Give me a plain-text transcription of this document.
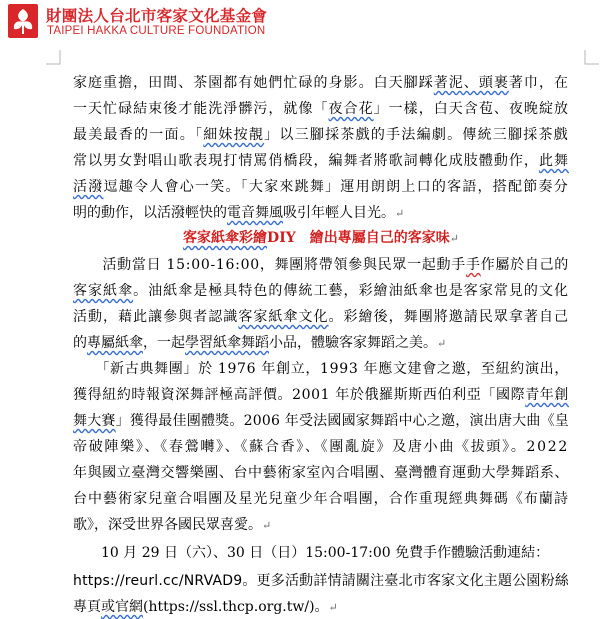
財團法人台北市客家文化基金會
TAIPEI HAKKA CULTURE FOUNDATION
家庭重擔，田間、茶園都有她們忙碌的身影。白天腳踩著泥、頭裹著巾，在
一天忙碌結束後才能洗淨髒污，就像「夜合花」一樣，白天含苞、夜晚綻放
最美最香的一面。「細妹按靚」以三腳採茶戲的手法編劇。傳統三腳採茶戲
常以男女對唱山歌表現打情罵俏橋段，編舞者將歌詞轉化成肢體動作，此舞
活潑逗趣令人會心一笑。「大家來跳舞」運用朗朗上口的客語，搭配節奏分
明的動作，以活潑輕快的電音舞風吸引年輕人目光。↵
客家紙傘彩繪DIY　繪出專屬自己的客家味↵
　　活動當日 15:00-16:00，舞團將帶領參與民眾一起動手手作屬於自己的
客家紙傘。油紙傘是極具特色的傳統工藝，彩繪油紙傘也是客家常見的文化
活動，藉此讓參與者認識客家紙傘文化。彩繪後，舞團將邀請民眾拿著自己
的專屬紙傘，一起學習紙傘舞蹈小品，體驗客家舞蹈之美。↵
　　「新古典舞團」於 1976 年創立，1993 年應文建會之邀，至紐約演出，
獲得紐約時報資深舞評極高評價。2001 年於俄羅斯斯西伯利亞「國際青年創
舞大賽」獲得最佳團體獎。2006 年受法國國家舞蹈中心之邀，演出唐大曲《皇
帝破陣樂》、《春鶯囀》、《蘇合香》、《團亂旋》及唐小曲《拔頭》。2022
年與國立臺灣交響樂團、台中藝術家室內合唱團、臺灣體育運動大學舞蹈系、
台中藝術家兒童合唱團及星光兒童少年合唱團，合作重現經典舞碼《布蘭詩
歌》，深受世界各國民眾喜愛。↵
　　10 月 29 日（六）、30 日（日）15:00-17:00 免費手作體驗活動連結：
https://reurl.cc/NRVAD9。更多活動詳情請關注臺北市客家文化主題公園粉絲
專頁或官網(https://ssl.thcp.org.tw/)。↵
